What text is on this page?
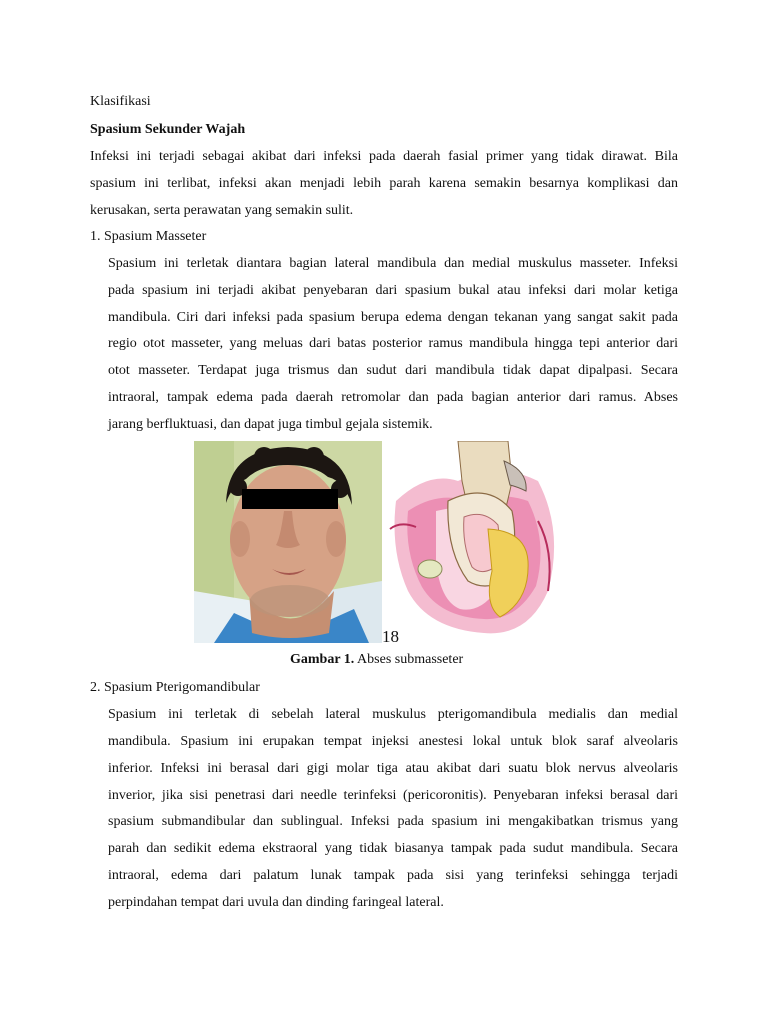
Klasifikasi
Spasium Sekunder Wajah
Infeksi ini terjadi sebagai akibat dari infeksi pada daerah fasial primer yang tidak dirawat. Bila
spasium ini terlibat, infeksi akan menjadi lebih parah karena semakin besarnya komplikasi dan
kerusakan, serta perawatan yang semakin sulit.
1. Spasium Masseter
Spasium ini terletak diantara bagian lateral mandibula dan medial muskulus masseter. Infeksi
pada spasium ini terjadi akibat penyebaran dari spasium bukal atau infeksi dari molar ketiga
mandibula. Ciri dari infeksi pada spasium berupa edema dengan tekanan yang sangat sakit pada
regio otot masseter, yang meluas dari batas posterior ramus mandibula hingga tepi anterior dari
otot masseter. Terdapat juga trismus dan sudut dari mandibula tidak dapat dipalpasi. Secara
intraoral, tampak edema pada daerah retromolar dan pada bagian anterior dari ramus. Abses
jarang berfluktuasi, dan dapat juga timbul gejala sistemik.
18
Gambar 1. Abses submasseter
2. Spasium Pterigomandibular
Spasium ini terletak di sebelah lateral muskulus pterigomandibula medialis dan medial
mandibula. Spasium ini erupakan tempat injeksi anestesi lokal untuk blok saraf alveolaris
inferior. Infeksi ini berasal dari gigi molar tiga atau akibat dari suatu blok nervus alveolaris
inverior, jika sisi penetrasi dari needle terinfeksi (pericoronitis). Penyebaran infeksi berasal dari
spasium submandibular dan sublingual. Infeksi pada spasium ini mengakibatkan trismus yang
parah dan sedikit edema ekstraoral yang tidak biasanya tampak pada sudut mandibula. Secara
intraoral, edema dari palatum lunak tampak pada sisi yang terinfeksi sehingga terjadi
perpindahan tempat dari uvula dan dinding faringeal lateral.
